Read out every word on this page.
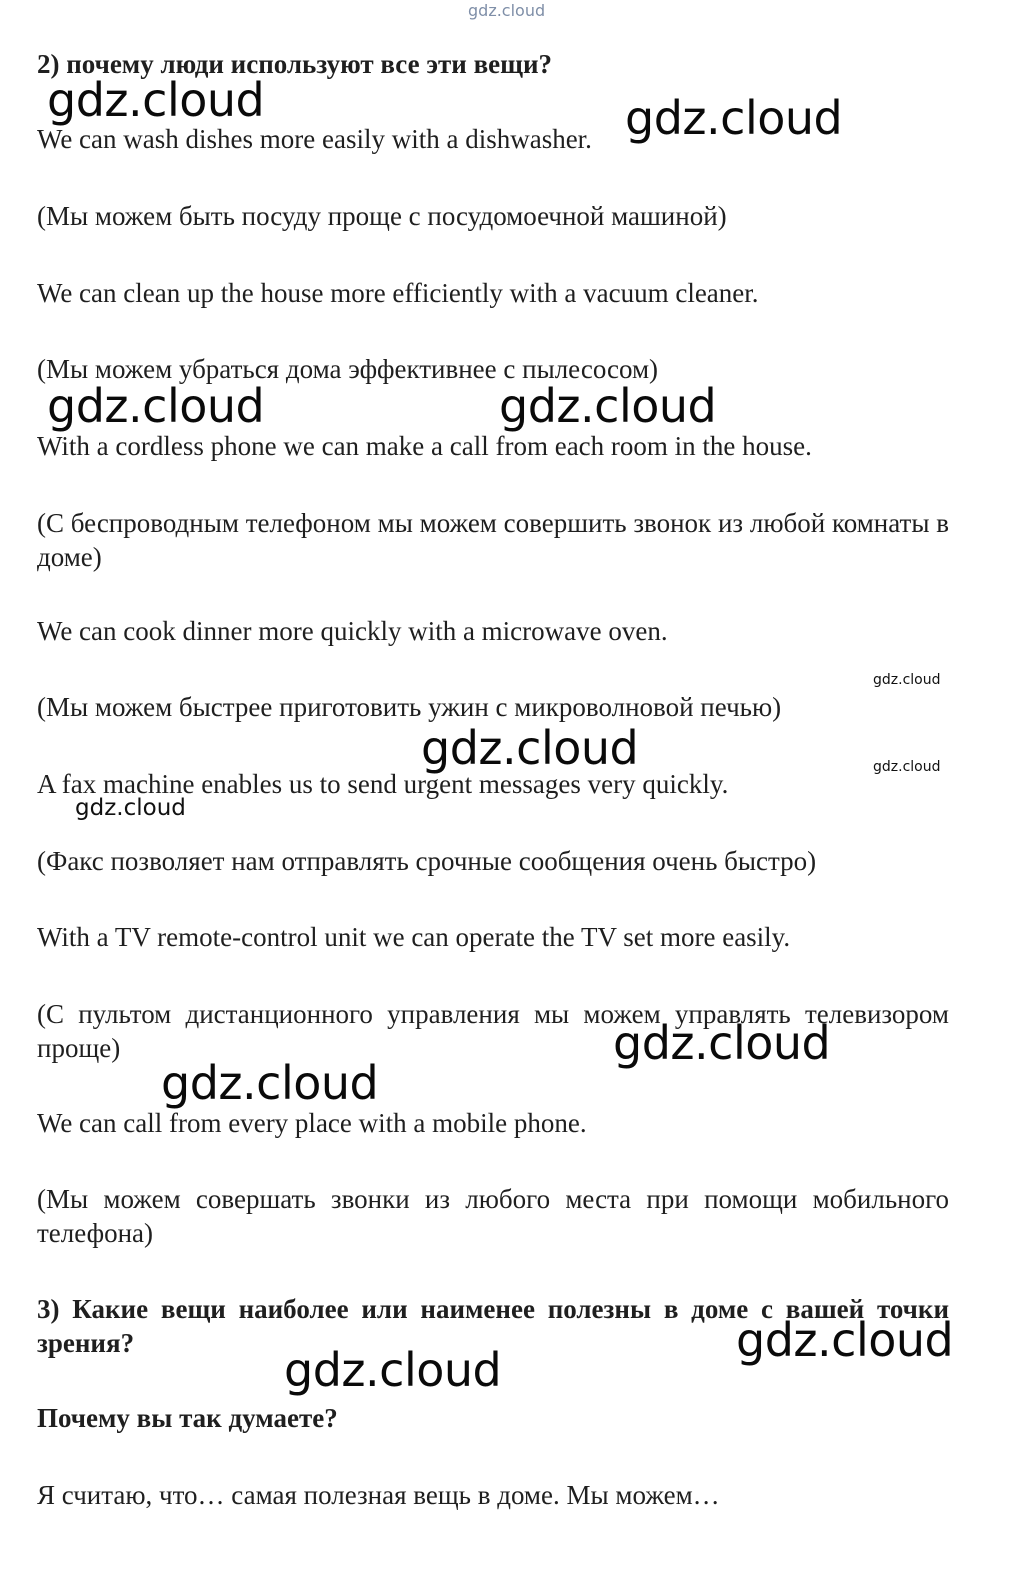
gdz.cloud
2) почему люди используют все эти вещи?
We can wash dishes more easily with a dishwasher.
(Мы можем быть посуду проще с посудомоечной машиной)
We can clean up the house more efficiently with a vacuum cleaner.
(Мы можем убраться дома эффективнее с пылесосом)
With a cordless phone we can make a call from each room in the house.
(С беспроводным телефоном мы можем совершить звонок из любой комнаты в доме)
We can cook dinner more quickly with a microwave oven.
(Мы можем быстрее приготовить ужин с микроволновой печью)
A fax machine enables us to send urgent messages very quickly.
(Факс позволяет нам отправлять срочные сообщения очень быстро)
With a TV remote-control unit we can operate the TV set more easily.
(С пультом дистанционного управления мы можем управлять телевизором проще)
We can call from every place with a mobile phone.
(Мы можем совершать звонки из любого места при помощи мобильного телефона)
3) Какие вещи наиболее или наименее полезны в доме с вашей точки зрения?
Почему вы так думаете?
Я считаю, что… самая полезная вещь в доме. Мы можем…
gdz.cloud	gdz.cloud
gdz.cloud	gdz.cloud
gdz.cloud
gdz.cloud
gdz.cloud
gdz.cloud
gdz.cloud
gdz.cloud
gdz.cloud
gdz.cloud
